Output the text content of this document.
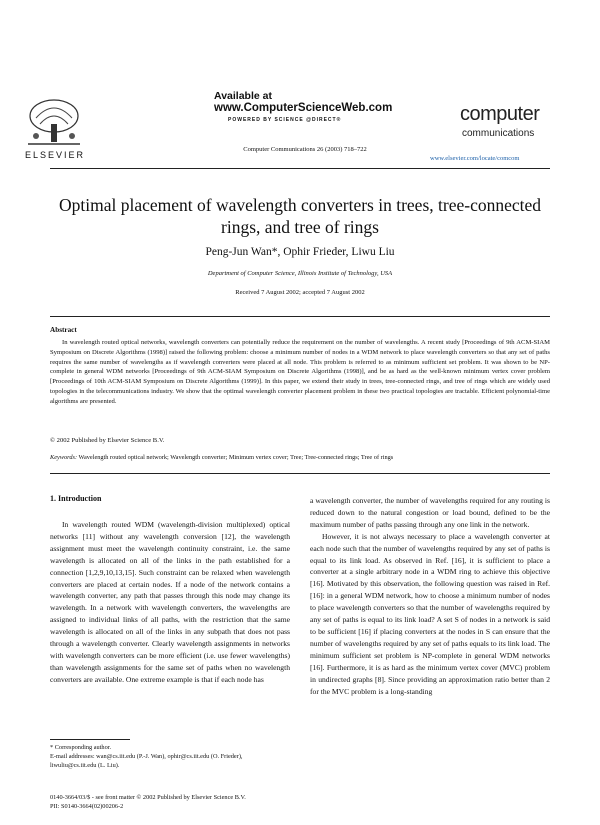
ELSEVIER
Available at
www.ComputerScienceWeb.com
POWERED BY SCIENCE @DIRECT®
Computer Communications 26 (2003) 718–722
computer
communications
www.elsevier.com/locate/comcom
Optimal placement of wavelength converters in trees, tree-connected rings, and tree of rings
Peng-Jun Wan*, Ophir Frieder, Liwu Liu
Department of Computer Science, Illinois Institute of Technology, USA
Received 7 August 2002; accepted 7 August 2002
Abstract
In wavelength routed optical networks, wavelength converters can potentially reduce the requirement on the number of wavelengths. A recent study [Proceedings of 9th ACM-SIAM Symposium on Discrete Algorithms (1998)] raised the following problem: choose a minimum number of nodes in a WDM network to place wavelength converters so that any set of paths requires the same number of wavelengths as if wavelength converters were placed at all node. This problem is referred to as minimum sufficient set problem. It was shown to be NP-complete in general WDM networks [Proceedings of 9th ACM-SIAM Symposium on Discrete Algorithms (1998)], and be as hard as the well-known minimum vertex cover problem [Proceedings of 10th ACM-SIAM Symposium on Discrete Algorithms (1999)]. In this paper, we extend their study in trees, tree-connected rings, and tree of rings which are widely used topologies in the telecommunications industry. We show that the optimal wavelength converter placement problem in these two practical topologies are tractable. Efficient polynomial-time algorithms are presented.
© 2002 Published by Elsevier Science B.V.
Keywords: Wavelength routed optical network; Wavelength converter; Minimum vertex cover; Tree; Tree-connected rings; Tree of rings
1. Introduction
In wavelength routed WDM (wavelength-division multiplexed) optical networks [11] without any wavelength conversion [12], the wavelength assignment must meet the wavelength continuity constraint, i.e. the same wavelength is allocated on all of the links in the path established for a connection [1,2,9,10,13,15]. Such constraint can be relaxed when wavelength converters are placed at certain nodes. If a node of the network contains a wavelength converter, any path that passes through this node may change its wavelength. In a network with wavelength converters, the wavelengths are assigned to individual links of all paths, with the restriction that the same wavelength is allocated on all of the links in any subpath that does not pass through a wavelength converter. Clearly wavelength assignments in networks with wavelength converters can be more efficient (i.e. use fewer wavelengths) than wavelength assignments for the same set of paths when no wavelength converters are available. One extreme example is that if each node has

a wavelength converter, the number of wavelengths required for any routing is reduced down to the natural congestion or load bound, defined to be the maximum number of paths passing through any one link in the network.

However, it is not always necessary to place a wavelength converter at each node such that the number of wavelengths required by any set of paths is equal to its link load. As observed in Ref. [16], it is sufficient to place a converter at a single arbitrary node in a WDM ring to achieve this objective [16]. Motivated by this observation, the following question was raised in Ref. [16]: in a general WDM network, how to choose a minimum number of nodes to place wavelength converters so that the number of wavelengths required by any set of paths is equal to its link load? A set S of nodes in a network is said to be sufficient [16] if placing converters at the nodes in S can ensure that the number of wavelengths required by any set of paths equals to its link load. The minimum sufficient set problem is NP-complete in general WDM networks [16]. Furthermore, it is as hard as the minimum vertex cover (MVC) problem in undirected graphs [8]. Since providing an approximation ratio better than 2 for the MVC problem is a long-standing

* Corresponding author.
E-mail addresses: wan@cs.iit.edu (P.-J. Wan), ophir@cs.iit.edu (O. Frieder), liwuliu@cs.iit.edu (L. Liu).
0140-3664/03/$ - see front matter © 2002 Published by Elsevier Science B.V.
PII: S0140-3664(02)00206-2
